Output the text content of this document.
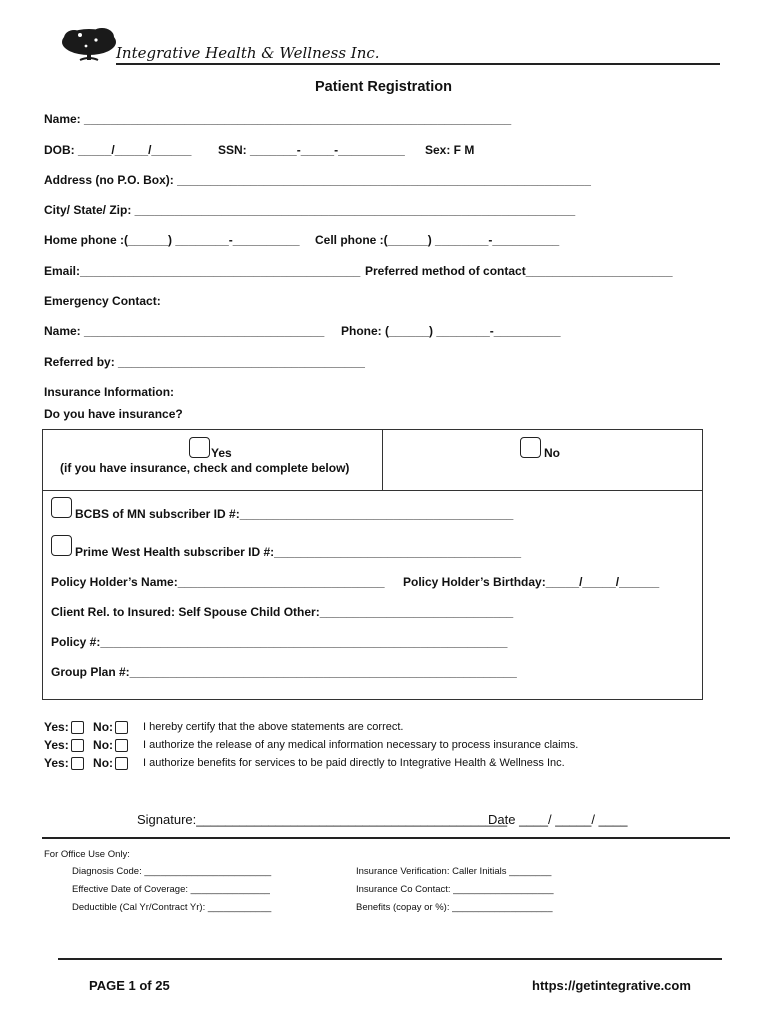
Integrative Health & Wellness Inc.
Patient Registration
Name: ________________________________________________________________
DOB: _____/_____/______ SSN: _______-_____-__________ Sex: F M
Address (no P.O. Box): ______________________________________________________________
City/ State/ Zip: __________________________________________________________________
Home phone :(______) ________-__________ Cell phone :(______) ________-__________
Email:__________________________________________ Preferred method of contact______________________
Emergency Contact:
Name: ____________________________________ Phone: (______) ________-__________
Referred by: _____________________________________
Insurance Information:
Do you have insurance?
Yes
(if you have insurance, check and complete below)
No
BCBS of MN subscriber ID #:_________________________________________
Prime West Health subscriber ID #:_____________________________________
Policy Holder’s Name:_______________________________ Policy Holder’s Birthday:_____/_____/______
Client Rel. to Insured: Self Spouse Child Other:_____________________________
Policy #:_____________________________________________________________
Group Plan #:__________________________________________________________
Yes: No:	I hereby certify that the above statements are correct.
Yes: No:	I authorize the release of any medical information necessary to process insurance claims.
Yes: No:	I authorize benefits for services to be paid directly to Integrative Health & Wellness Inc.
Signature:___________________________________________
Date ____/ _____/ ____
For Office Use Only:
Diagnosis Code: ________________________
Effective Date of Coverage: _______________
Deductible (Cal Yr/Contract Yr): ____________
Insurance Verification: Caller Initials ________
Insurance Co Contact: ___________________
Benefits (copay or %): ___________________
PAGE 1 of 25	https://getintegrative.com
